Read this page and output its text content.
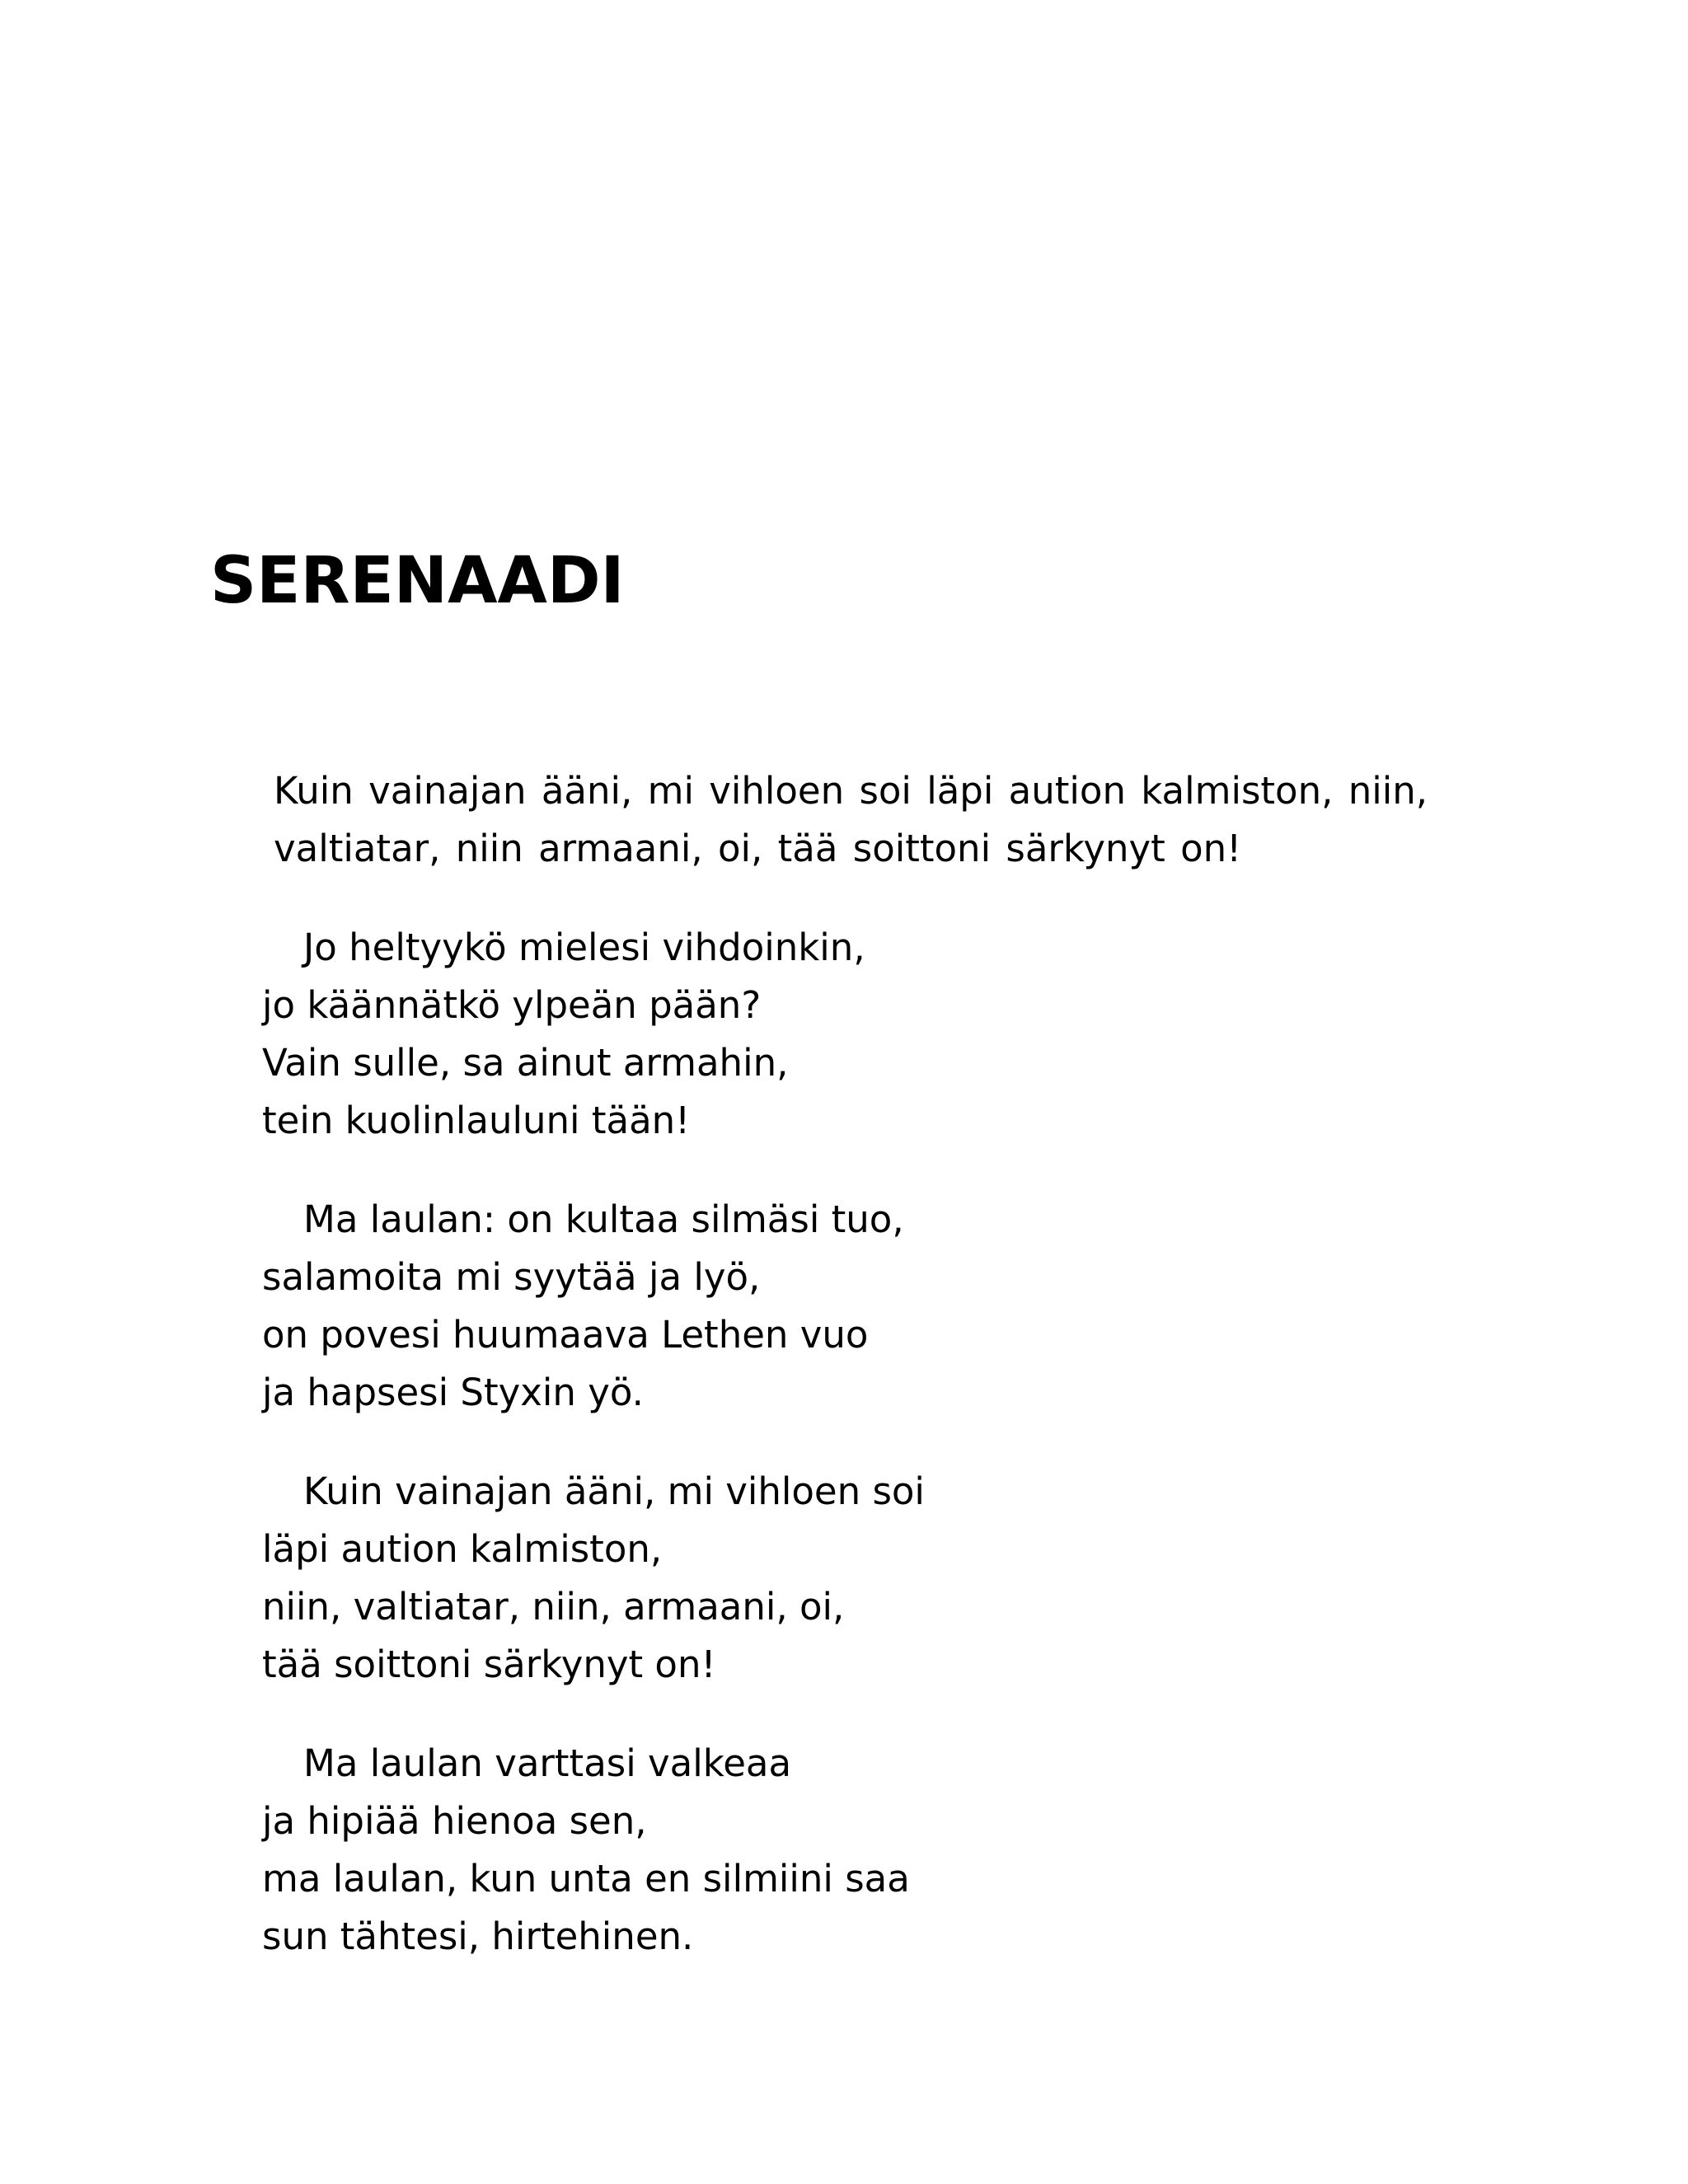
SERENAADI
Kuin vainajan ääni, mi vihloen soi läpi aution kalmiston, niin,
valtiatar, niin armaani, oi, tää soittoni särkynyt on!
Jo heltyykö mielesi vihdoinkin,
jo käännätkö ylpeän pään?
Vain sulle, sa ainut armahin,
tein kuolinlauluni tään!
Ma laulan: on kultaa silmäsi tuo,
salamoita mi syytää ja lyö,
on povesi huumaava Lethen vuo
ja hapsesi Styxin yö.
Kuin vainajan ääni, mi vihloen soi
läpi aution kalmiston,
niin, valtiatar, niin, armaani, oi,
tää soittoni särkynyt on!
Ma laulan varttasi valkeaa
ja hipiää hienoa sen,
ma laulan, kun unta en silmiini saa
sun tähtesi, hirtehinen.
